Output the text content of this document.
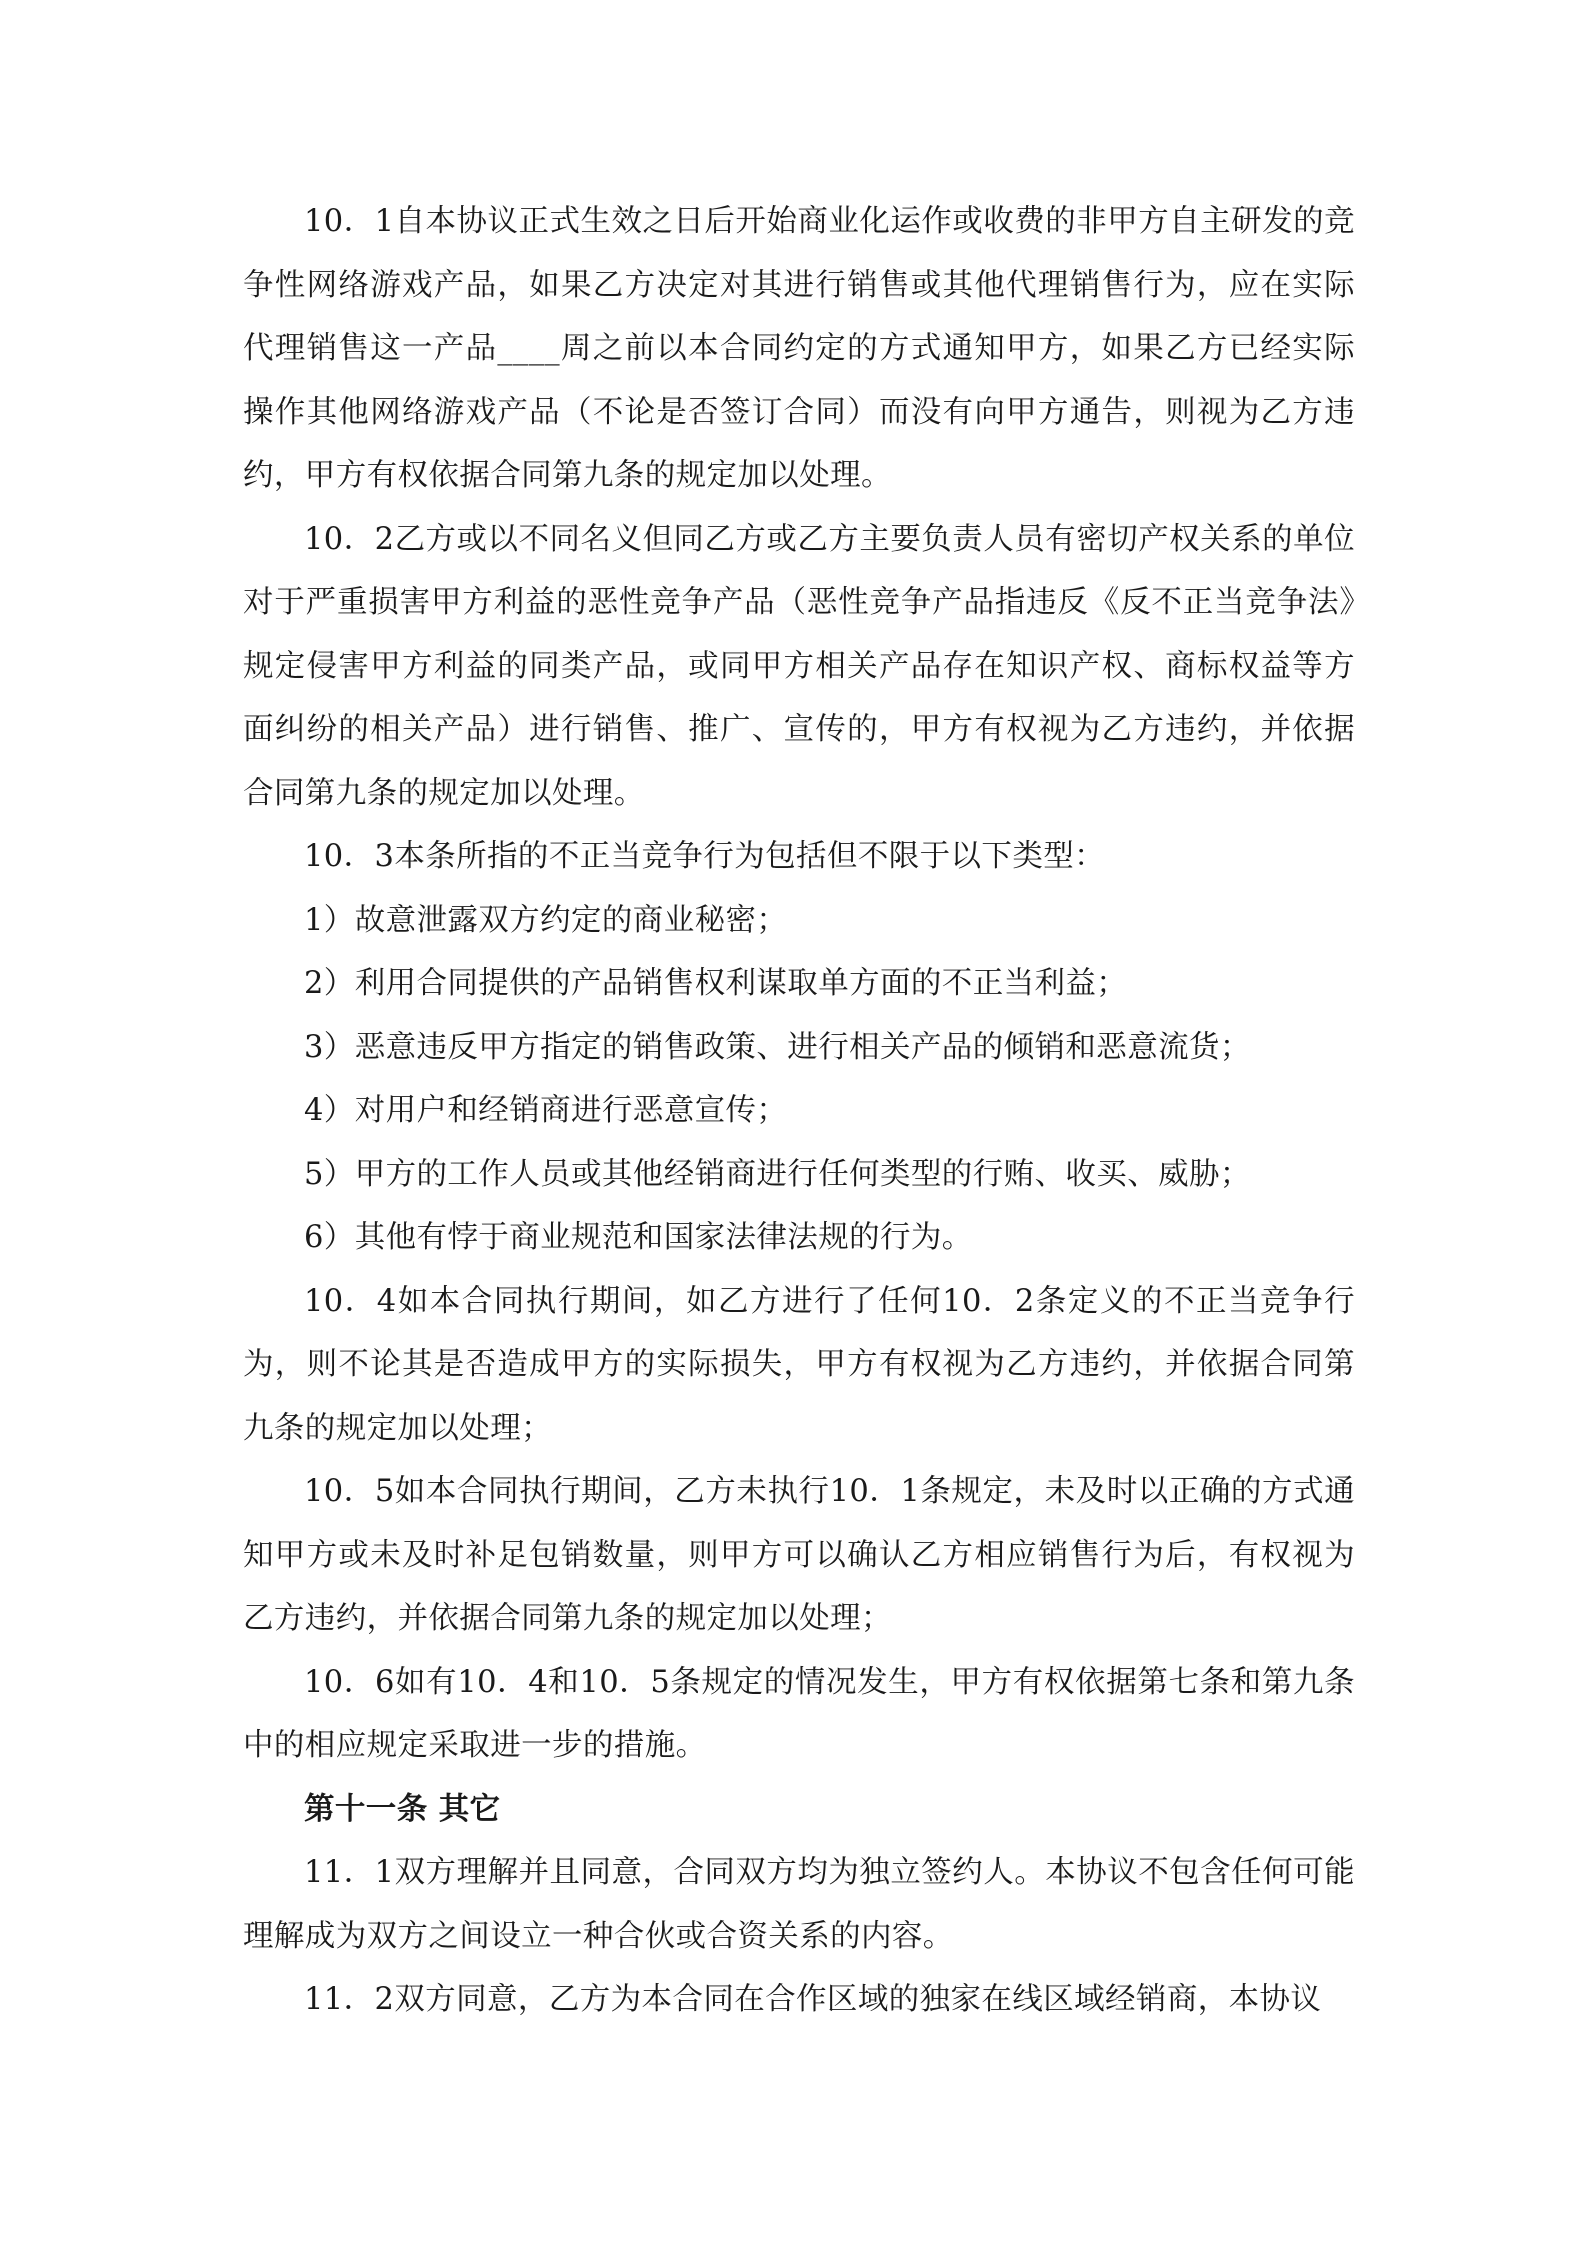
10．1自本协议正式生效之日后开始商业化运作或收费的非甲方自主研发的竞争性网络游戏产品，如果乙方决定对其进行销售或其他代理销售行为，应在实际代理销售这一产品____周之前以本合同约定的方式通知甲方，如果乙方已经实际操作其他网络游戏产品（不论是否签订合同）而没有向甲方通告，则视为乙方违约，甲方有权依据合同第九条的规定加以处理。

10．2乙方或以不同名义但同乙方或乙方主要负责人员有密切产权关系的单位对于严重损害甲方利益的恶性竞争产品（恶性竞争产品指违反《反不正当竞争法》规定侵害甲方利益的同类产品，或同甲方相关产品存在知识产权、商标权益等方面纠纷的相关产品）进行销售、推广、宣传的，甲方有权视为乙方违约，并依据合同第九条的规定加以处理。

10．3本条所指的不正当竞争行为包括但不限于以下类型：

1）故意泄露双方约定的商业秘密；

2）利用合同提供的产品销售权利谋取单方面的不正当利益；

3）恶意违反甲方指定的销售政策、进行相关产品的倾销和恶意流货；

4）对用户和经销商进行恶意宣传；

5）甲方的工作人员或其他经销商进行任何类型的行贿、收买、威胁；

6）其他有悖于商业规范和国家法律法规的行为。

10．4如本合同执行期间，如乙方进行了任何10．2条定义的不正当竞争行为，则不论其是否造成甲方的实际损失，甲方有权视为乙方违约，并依据合同第九条的规定加以处理；

10．5如本合同执行期间，乙方未执行10．1条规定，未及时以正确的方式通知甲方或未及时补足包销数量，则甲方可以确认乙方相应销售行为后，有权视为乙方违约，并依据合同第九条的规定加以处理；

10．6如有10．4和10．5条规定的情况发生，甲方有权依据第七条和第九条中的相应规定采取进一步的措施。

第十一条 其它

11．1双方理解并且同意，合同双方均为独立签约人。本协议不包含任何可能理解成为双方之间设立一种合伙或合资关系的内容。

11．2双方同意，乙方为本合同在合作区域的独家在线区域经销商，本协议
